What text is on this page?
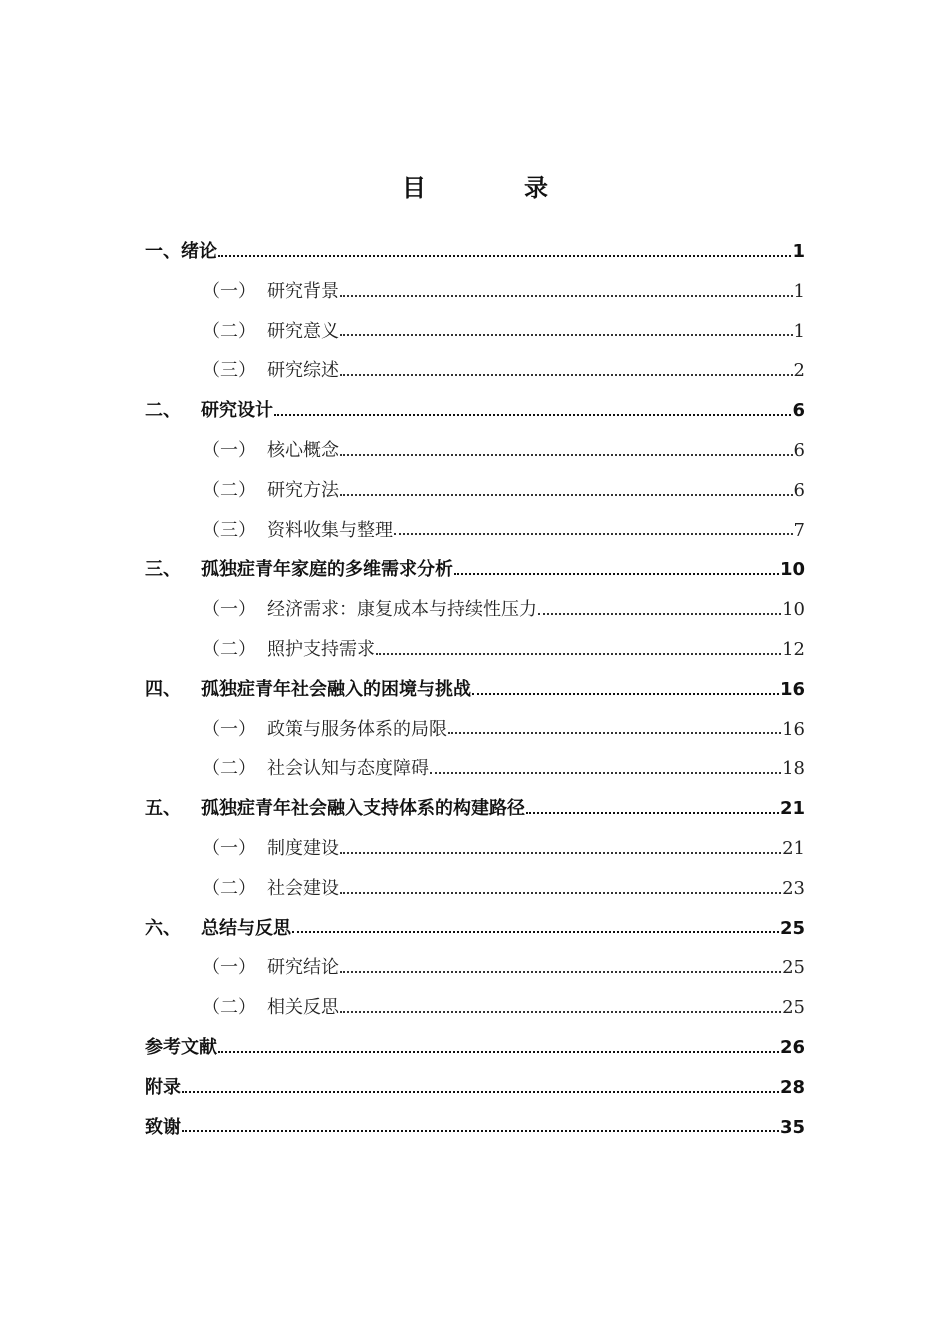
目	录
一、 绪论	1
（一） 研究背景	1
（二） 研究意义	1
（三） 研究综述	2
二、	研究设计	6
（一） 核心概念	6
（二） 研究方法	6
（三） 资料收集与整理	7
三、	孤独症青年家庭的多维需求分析	10
（一） 经济需求：康复成本与持续性压力	10
（二） 照护支持需求	12
四、	孤独症青年社会融入的困境与挑战	16
（一） 政策与服务体系的局限	16
（二） 社会认知与态度障碍	18
五、	孤独症青年社会融入支持体系的构建路径	21
（一） 制度建设	21
（二） 社会建设	23
六、	总结与反思	25
（一） 研究结论	25
（二） 相关反思	25
参考文献	26
附录	28
致谢	35
